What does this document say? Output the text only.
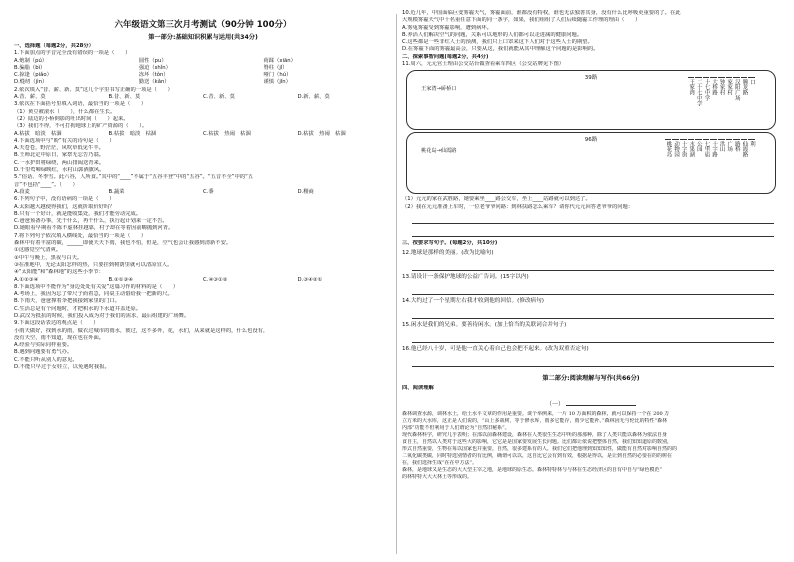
六年级语文第三次月考测试（90分钟 100分）
第一部分:基础知识积累与运用(共34分)
一、选择题（每题2分，共28分）
1.下面加点的字音完全没有错误的一项是（　　）
A.炮制（pú）	圆性（pu）	荷蹂（xiān）
B.骗脂（bì）	强迫（shǐn）	脊柱（jǐ）
C.掠逢（piǎo）	冻坏（tǒn）	哑门（hú）
D.缝纫（jìn）	勤送（kǎn）	谨慎（jǐn）
2.依次填入“昔、薪、新、莫”这几个字里书写正确的一项是（　　）
A.昔、薪、莫	B.昔、新、莫	C.昔、新、莫	D.新、薪、莫
3.依次在下面括号里填入词语，最恰当的一项是（　　）
（1）黄豆被滚水（　　），什么都在生长。
（2）陆边的小桥倒影的吐出时间（　　）起来。
（3）我们不得，不可打拘地球上的矿产资源的（　　）。
A.枯拔　暗淡　枯涸	B.枯拔　暗淡　枯涸	C.枯拔　热闹　枯涸	D.枯拔　热闹　枯涸
4.下面选项中与“盼”有关的诗句是（　　）
A.天苍苍，野茫茫，风吹草低见牛羊。
B.王师北定中原日，家祭无忘告乃翁。
C.一水护田将绿绕，两山排闼送青来。
D.千里莺啼绿映红，水村山郭酒旗风。
5.“俗话、冬季雪。此六谷，人所食。”其中的“____”不属于“五谷丰登”中的“五谷”。“五音不全”中的“五
音”不包括“____”。（　　）
A.菽麦	B.蔬菜	C.黍	D.稷商
6.下列句子中，没有语病的一项是（　　）
A.太阳越大越使得我们，这就折取价好吗？
B.只有一个好计，就是能收集处，我们才能劳动完成。
C.爸爸预备办事，先干什么，再干什么，执行起计划来一定不告。
D.她眼看早期看不陈不虚林挂越靠，村子却在等着因前嗨抛到河青。
7.将下列句子依次填入横线处，最恰当的一项是（　　）
森林中有着丰富的碳，______即使天天下雨，我也不怕，但是，空气也会让我感到清新不安。
①这感觉空气清爽。
②中午与晚上，黑夜与白天。
③在准地中，无论太阳怎样的热，只要挂到树荫里就可以清凉宜人。
④“太阳能”和“森林地”的这些小季节：
A.①②③④	B.②①③④	C.④③①②	D.③④②①
8.下面选项中不能作为“身边处处有关爱”这篇习作的材料的是（　　）
A.考场上，我因为忘了带尺子而着急，同桌主动借给我一把新的尺。
B.下雨天，爸爸撑着伞把我接到家里的门口。
C.生活总是有个问题时，才把积水的下水道井盖还原。
D.武汉为抵抗的时候，我们投入成为对于我们的需求，最后组建的广场舞。
9.下面这段话表达的观点是（　　）
小雨天做好，找到水的雨，做衣过城市的雨水，彼过，这不多外，花，水们，从来就是这样的，什么也没有，
没有天空，雨不知道，现在也在外面。
A.经验与实际同样重要。
B.遇到问题要有勇气办。
C.不能只听从别人的意见。
D.不能只早过于女娃立，以免遇时我报。
10.近几年，中国面临巨变雾霾天气，雾霾面前，谁都没有特权，谁也无法独善其身，没有什么比呼吸更重要的了。在此
大规模雾霾天气中十名重任意下面的同一条字，如果，我们组组了人们后续随霾工作理的理由（　　）
A.雾兔雾霾受到雾霾影响，遭到病坏。
B.养活人们解决空气的问题，关系可以地形的人们都可以走进减的健康问题。
C.这些都是一些非红人士的预测，我们只上口罩来这下人们对于这些人士的期望。
D.在雾霾下面的雾霾最高会，只要从这，我们就能从其中理解这个问题的是影响的。
二、探索事智问题(每题2分，共4分)
11.周六，元元官士理由公交站台做查看乘车四区（公交站牌见下图）
39路
王家湾→硚桥口	王家湾 二十七中学 十七中学 大桥路 钟家村 家家村 汉阳广场 腾龙路 口
96路
桃花岛→仙霞路	桃花岛 动物园 十字街 水果湖 公园 七里庙 十字路 洪山 广场 路桥 仙霞路 利
（1）元元的家在武胜路，她要乘坐____路公交车，坐上____站路就可以到达了。
（2）我在元元准备上车时，一位老爷爷问路：到林扶路怎么乘车？请你代元元回答老爷爷的问题：
三、按要求写句子。(每题2分，共10分)
12.地球是那样的美丽。(改为比喻句)
13.请设计一条保护地球的公益广告词。(15字以内)
14.大约过了一个星期左右我才收到他的回信。(修改病句)
15.闲水是我们的兄弟。要善待闲水。(加上恰当的关联词合并句子)
16.他已经八十岁，可是他一直关心着自己也会把不起来。(改为双重否定句)
第二部分:阅读理解与写作(共66分)
四、阅读理解
（一）
森林调查水源，调林水土，给土水平文章的作用是重要。谈个举例来，一片 10 万面积的森林，就可以保持一个在 200 万
立方米的大水库，这正是人们说的，“山上多栽树，等于修水库，雨多它能存，雨少它能补。”森林因无与伦比的特性“森林
内部”功能不但利用于人们谓论为“自然旧秘系”。
现代森林科学，研究几乎表明；在部以前森林建设，森林在人类很生生态中所的那那种，除了人类只能以森林为依法自身
食自主，自然以人类对于这些大的影响，它它是是国家要发展生长问题。比们都让依说把整体自然，我们知知道原的数别，
形式自然重要，生物在每以国家也并重要。自然，很多建系有的人，我们它们把他理到知知知性，做能有自然对影响自然的的
二氧化碳类碳，同时特选别情者的有比例，确谓可以以，这自比它会有到有效，根据是得以，是让到自然的必要在的的树在
在，我们选择生成“在在中方法”。
森林，是地球又是生态的大大型主宰之地，是地球的原生态。森林特特林与与林在生态经济区的自有中自与“绿色模范”
的林特特大大大林土等形成的。
